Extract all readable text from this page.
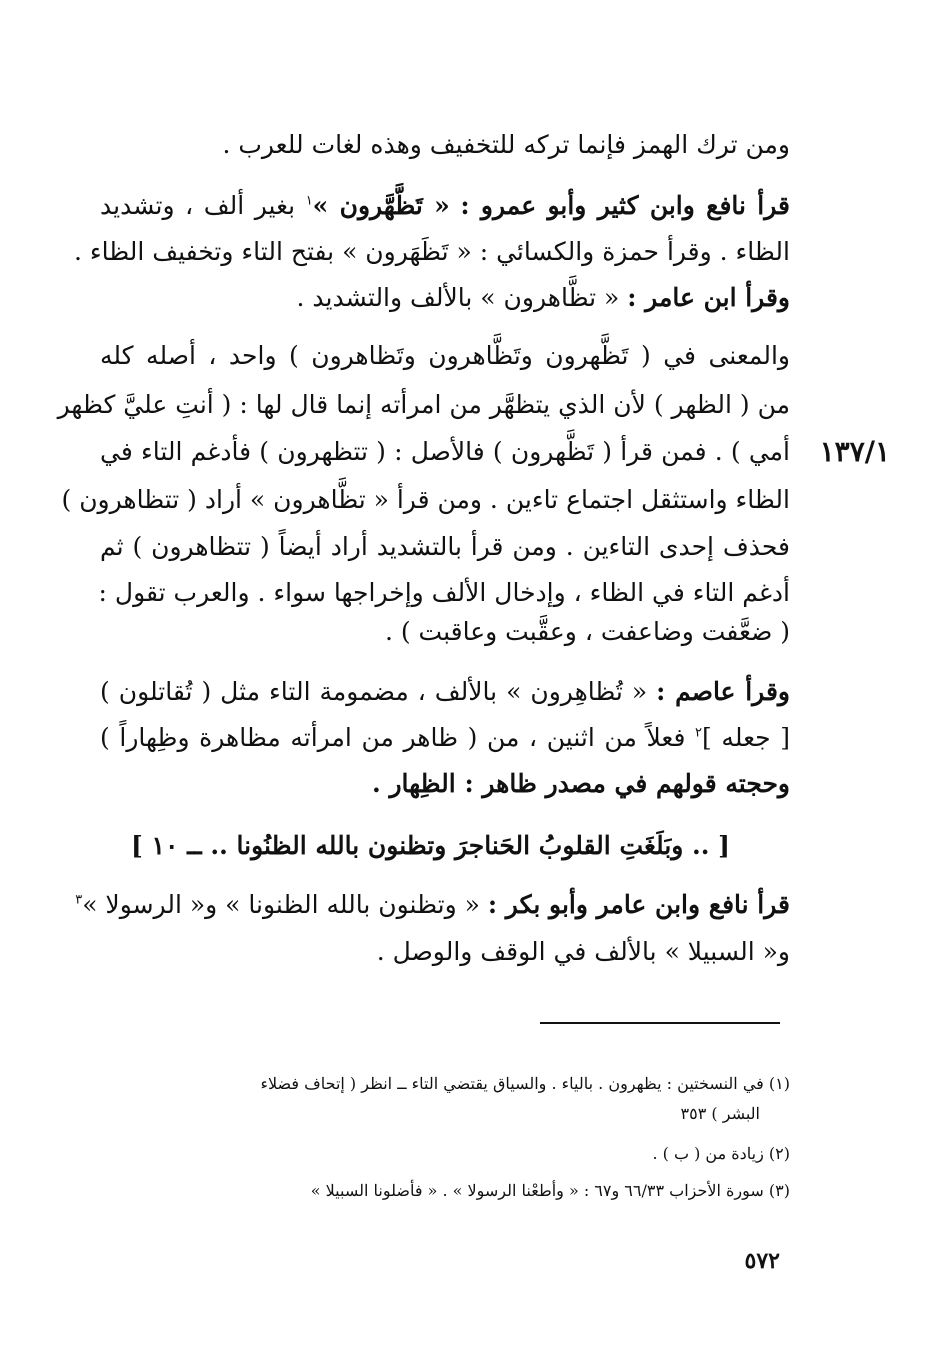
ومن ترك الهمز فإنما تركه للتخفيف وهذه لغات للعرب .
قرأ نافع وابن كثير وأبو عمرو : « تَظَّهَّرون »$^١$ بغير ألف ، وتشديد
الظاء . وقرأ حمزة والكسائي : « تَظَهَرون » بفتح التاء وتخفيف الظاء .
وقرأ ابن عامر : « تظَّاهرون » بالألف والتشديد .
والمعنى في ( تَظَّهرون وتَظَّاهرون وتَظاهرون ) واحد ، أصله كله
من ( الظهر ) لأن الذي يتظهَّر من امرأته إنما قال لها : ( أنتِ عليَّ كظهر
أمي ) . فمن قرأ ( تَظَّهرون ) فالأصل : ( تتظهرون ) فأدغم التاء في
الظاء واستثقل اجتماع تاءين . ومن قرأ « تظَّاهرون » أراد ( تتظاهرون )
فحذف إحدى التاءين . ومن قرأ بالتشديد أراد أيضاً ( تتظاهرون ) ثم
أدغم التاء في الظاء ، وإدخال الألف وإخراجها سواء . والعرب تقول :
( ضعَّفت وضاعفت ، وعقَّبت وعاقبت ) .
وقرأ عاصم : « تُظاهِرون » بالألف ، مضمومة التاء مثل ( تُقاتلون )
[ جعله ]$^٢$ فعلاً من اثنين ، من ( ظاهر من امرأته مظاهرة وظِهاراً )
وحجته قولهم في مصدر ظاهر : الظِهار .
[ .. وبَلَغَتِ القلوبُ الحَناجرَ وتظنون بالله الظنُونا .. ــ ١٠ ]
قرأ نافع وابن عامر وأبو بكر : « وتظنون بالله الظنونا » و« الرسولا »$^٣$
و« السبيلا » بالألف في الوقف والوصل .
١٣٧/١
(١) في النسختين : يظهرون . بالياء . والسياق يقتضي التاء ــ انظر ( إتحاف فضلاء
البشر ) ٣٥٣
(٢) زيادة من ( ب ) .
(٣) سورة الأحزاب ٦٦/٣٣ و٦٧ : « وأطعْنا الرسولا » . « فأضلونا السبيلا »
٥٧٢
